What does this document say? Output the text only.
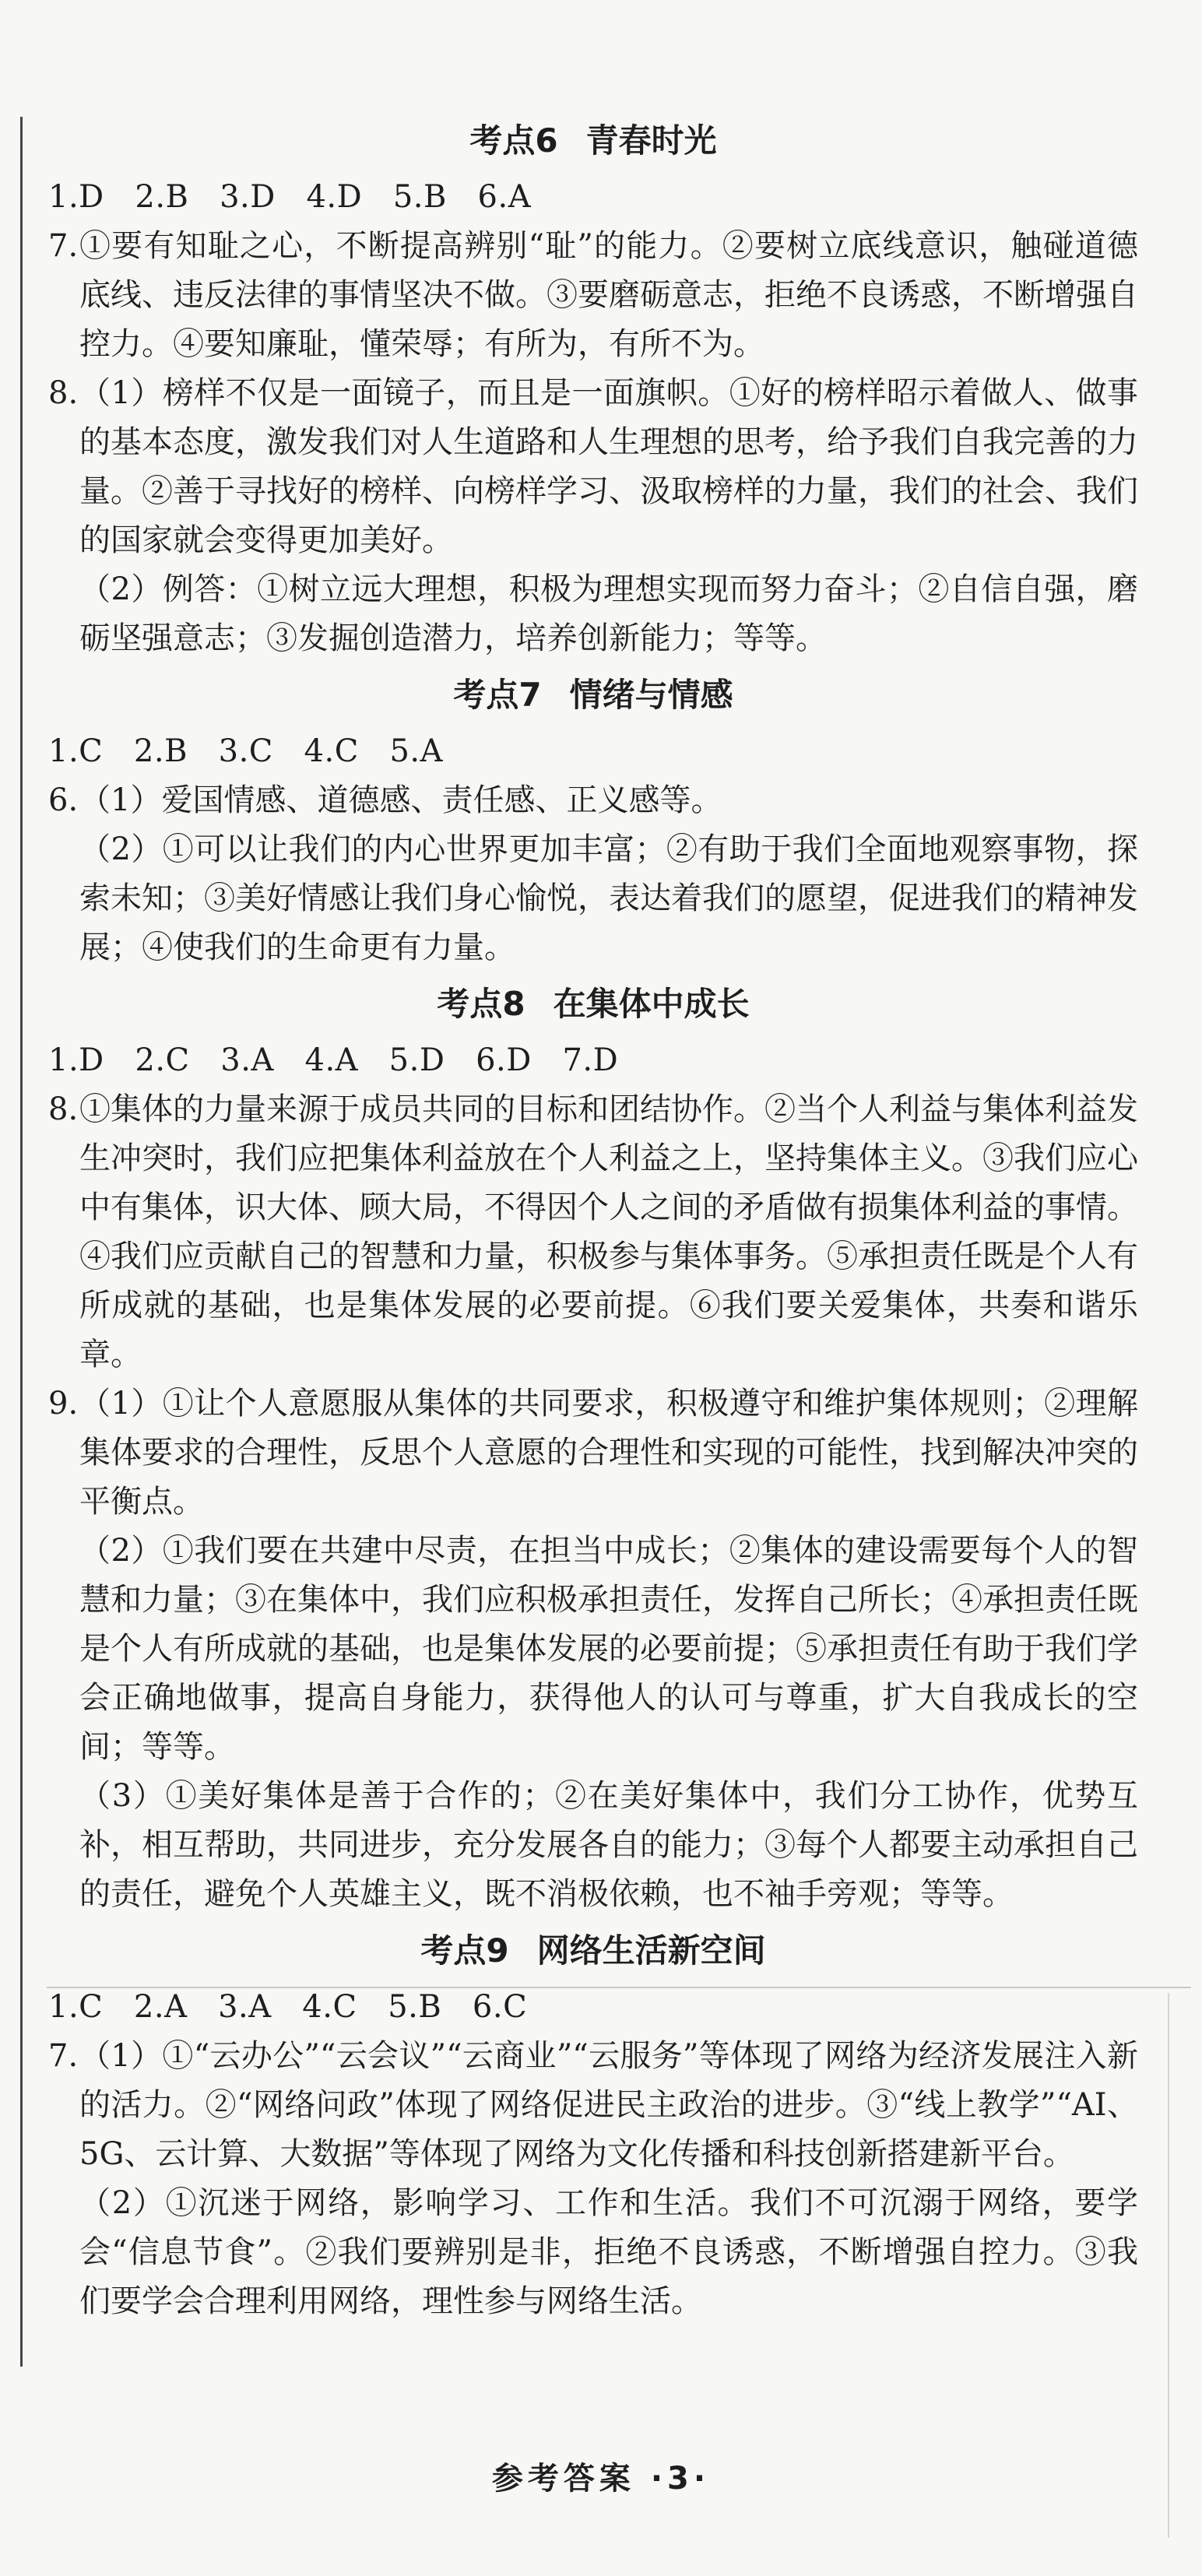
考点6 青春时光
1.D   2.B   3.D   4.D   5.B   6.A
7. ①要有知耻之心，不断提高辨别“耻”的能力。②要树立底线意识，触碰道德底线、违反法律的事情坚决不做。③要磨砺意志，拒绝不良诱惑，不断增强自控力。④要知廉耻，懂荣辱；有所为，有所不为。
8. （1）榜样不仅是一面镜子，而且是一面旗帜。①好的榜样昭示着做人、做事的基本态度，激发我们对人生道路和人生理想的思考，给予我们自我完善的力量。②善于寻找好的榜样、向榜样学习、汲取榜样的力量，我们的社会、我们的国家就会变得更加美好。
（2）例答：①树立远大理想，积极为理想实现而努力奋斗；②自信自强，磨砺坚强意志；③发掘创造潜力，培养创新能力；等等。
考点7 情绪与情感
1.C   2.B   3.C   4.C   5.A
6. （1）爱国情感、道德感、责任感、正义感等。
（2）①可以让我们的内心世界更加丰富；②有助于我们全面地观察事物，探索未知；③美好情感让我们身心愉悦，表达着我们的愿望，促进我们的精神发展；④使我们的生命更有力量。
考点8 在集体中成长
1.D   2.C   3.A   4.A   5.D   6.D   7.D
8. ①集体的力量来源于成员共同的目标和团结协作。②当个人利益与集体利益发生冲突时，我们应把集体利益放在个人利益之上，坚持集体主义。③我们应心中有集体，识大体、顾大局，不得因个人之间的矛盾做有损集体利益的事情。④我们应贡献自己的智慧和力量，积极参与集体事务。⑤承担责任既是个人有所成就的基础，也是集体发展的必要前提。⑥我们要关爱集体，共奏和谐乐章。
9. （1）①让个人意愿服从集体的共同要求，积极遵守和维护集体规则；②理解集体要求的合理性，反思个人意愿的合理性和实现的可能性，找到解决冲突的平衡点。
（2）①我们要在共建中尽责，在担当中成长；②集体的建设需要每个人的智慧和力量；③在集体中，我们应积极承担责任，发挥自己所长；④承担责任既是个人有所成就的基础，也是集体发展的必要前提；⑤承担责任有助于我们学会正确地做事，提高自身能力，获得他人的认可与尊重，扩大自我成长的空间；等等。
（3）①美好集体是善于合作的；②在美好集体中，我们分工协作，优势互补，相互帮助，共同进步，充分发展各自的能力；③每个人都要主动承担自己的责任，避免个人英雄主义，既不消极依赖，也不袖手旁观；等等。
考点9 网络生活新空间
1.C   2.A   3.A   4.C   5.B   6.C
7. （1）①“云办公”“云会议”“云商业”“云服务”等体现了网络为经济发展注入新的活力。②“网络问政”体现了网络促进民主政治的进步。③“线上教学”“AI、5G、云计算、大数据”等体现了网络为文化传播和科技创新搭建新平台。
（2）①沉迷于网络，影响学习、工作和生活。我们不可沉溺于网络，要学会“信息节食”。②我们要辨别是非，拒绝不良诱惑，不断增强自控力。③我们要学会合理利用网络，理性参与网络生活。
参考答案 ·3·
